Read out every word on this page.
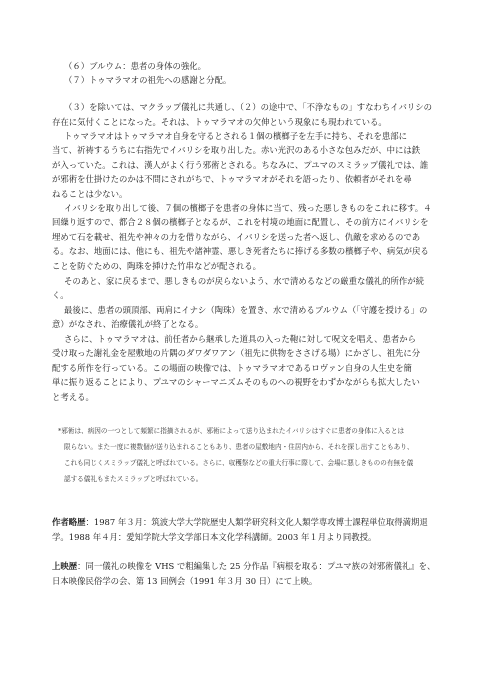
（６）ブルウム：患者の身体の強化。
（７）トゥマラマオの祖先への感謝と分配。
（３）を除いては、マクラップ儀礼に共通し、（２）の途中で、「不浄なもの」すなわちイバリシの
存在に気付くことになった。それは、トゥマラマオの欠伸という現象にも現われている。
トゥマラマオはトゥマラマオ自身を守るとされる１個の檳榔子を左手に持ち、それを患部に
当て、祈祷するうちに右指先でイバリシを取り出した。赤い光沢のある小さな包みだが、中には鉄
が入っていた。これは、漢人がよく行う邪術とされる。ちなみに、プユマのスミラップ儀礼では、誰
が邪術を仕掛けたのかは不問にされがちで、トゥマラマオがそれを語ったり、依頼者がそれを尋
ねることは少ない。
イバリシを取り出して後、７個の檳榔子を患者の身体に当て、残った悪しきものをこれに移す。４
回繰り返すので、都合２８個の檳榔子となるが、これを村境の地面に配置し、その前方にイバリシを
埋めて石を載せ、祖先や神々の力を借りながら、イバリシを送った者へ返し、仇敵を求めるのであ
る。なお、地面には、他にも、祖先や諸神霊、悪しき死者たちに捧げる多数の檳榔子や、病気が戻る
ことを防ぐための、陶珠を挿けた竹串などが配される。
そのあと、家に戻るまで、悪しきものが戻らないよう、水で清めるなどの厳重な儀礼的所作が続
く。
最後に、患者の頭頂部、両肩にイナシ（陶珠）を置き、水で清めるブルウム（「守護を授ける」の
意）がなされ、治療儀礼が終了となる。
さらに、トゥマラマオは、前任者から継承した道具の入った鞄に対して呪文を唱え、患者から
受け取った謝礼金を屋敷地の片隅のダワダワアン（祖先に供物をささげる場）にかざし、祖先に分
配する所作を行っている。この場面の映像では、トゥマラマオであるロヴァン自身の人生史を簡
単に振り返ることにより、プユマのシャーマニズムそのものへの視野をわずかながらも拡大したい
と考える。
*邪術は、病因の一つとして頻繁に指摘されるが、邪術によって送り込まれたイバリシはすぐに患者の身体に入るとは
限らない。また一度に複数個が送り込まれることもあり、患者の屋敷地内・住居内から、それを探し出すこともあり、
これも同じくスミラップ儀礼と呼ばれている。さらに、収穫祭などの重大行事に際して、会場に悪しきものの有無を儀
認する儀礼もまたスミラップと呼ばれている。
作者略歴：1987 年３月：筑波大学大学院歴史人類学研究科文化人類学専攻博士課程単位取得満期退
学。1988 年４月：愛知学院大学文学部日本文化学科講師。2003 年１月より同教授。
上映歴：同一儀礼の映像を VHS で粗編集した 25 分作品『病根を取る：プユマ族の対邪術儀礼』を、
日本映像民俗学の会、第 13 回例会（1991 年３月 30 日）にて上映。
